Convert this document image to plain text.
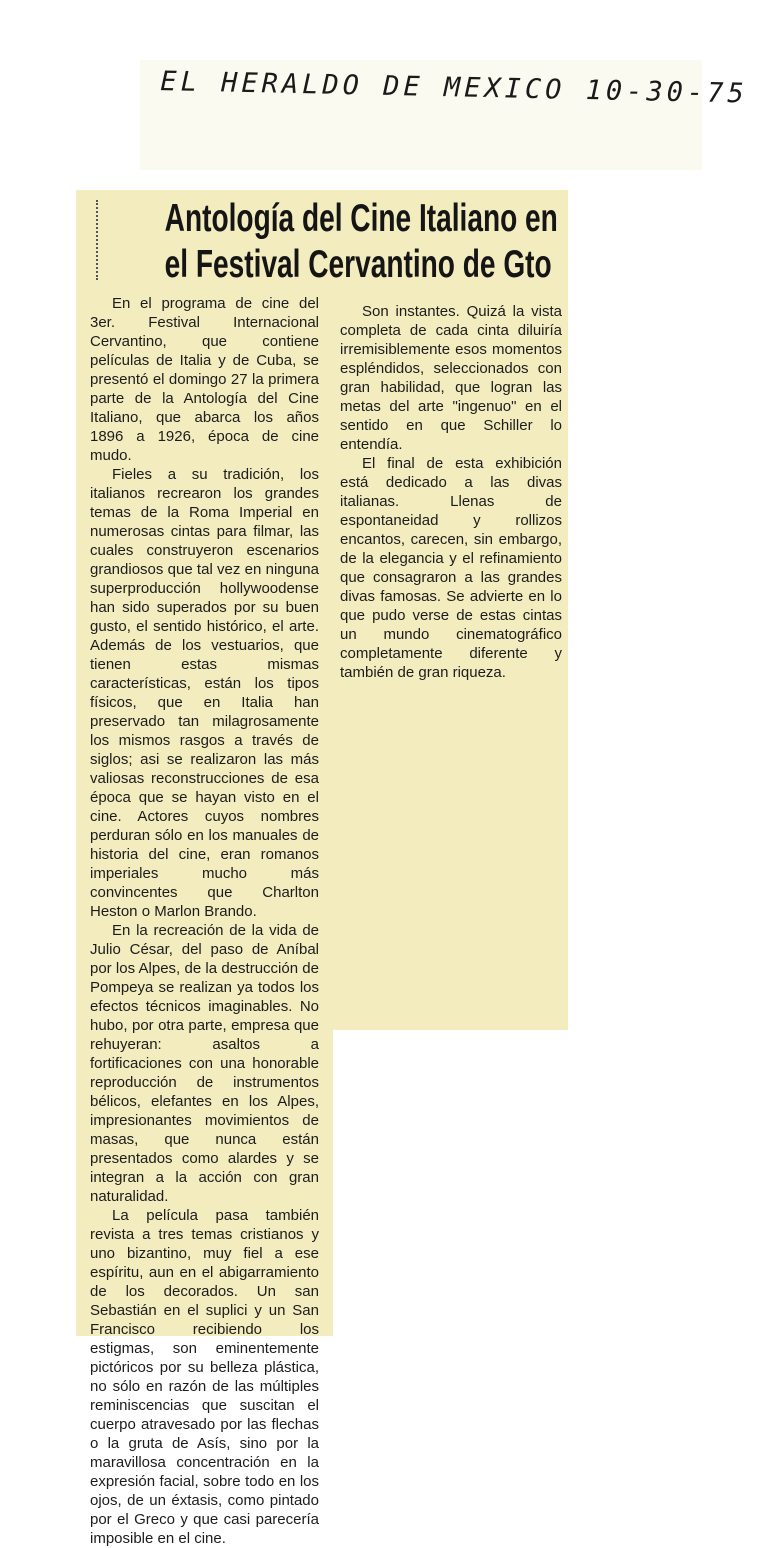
EL HERALDO DE MEXICO 10-30-75
Antología del Cine Italiano en
el Festival Cervantino de Gto

En el programa de cine del 3er. Festival Internacional Cervantino, que contiene películas de Italia y de Cuba, se presentó el domingo 27 la primera parte de la Antología del Cine Italiano, que abarca los años 1896 a 1926, época de cine mudo.

Fieles a su tradición, los italianos recrearon los grandes temas de la Roma Imperial en numerosas cintas para filmar, las cuales construyeron escenarios grandiosos que tal vez en ninguna superproducción hollywoodense han sido superados por su buen gusto, el sentido histórico, el arte. Además de los vestuarios, que tienen estas mismas características, están los tipos físicos, que en Italia han preservado tan milagrosamente los mismos rasgos a través de siglos; asi se realizaron las más valiosas reconstrucciones de esa época que se hayan visto en el cine. Actores cuyos nombres perduran sólo en los manuales de historia del cine, eran romanos imperiales mucho más convincentes que Charlton Heston o Marlon Brando.

En la recreación de la vida de Julio César, del paso de Aníbal por los Alpes, de la destrucción de Pompeya se realizan ya todos los efectos técnicos imaginables. No hubo, por otra parte, empresa que rehuyeran: asaltos a fortificaciones con una honorable reproducción de instrumentos bélicos, elefantes en los Alpes, impresionantes movimientos de masas, que nunca están presentados como alardes y se integran a la acción con gran naturalidad.

La película pasa también revista a tres temas cristianos y uno bizantino, muy fiel a ese espíritu, aun en el abigarramiento de los decorados. Un san Sebastián en el suplici y un San Francisco recibiendo los estigmas, son eminentemente pictóricos por su belleza plástica, no sólo en razón de las múltiples reminiscencias que suscitan el cuerpo atravesado por las flechas o la gruta de Asís, sino por la maravillosa concentración en la expresión facial, sobre todo en los ojos, de un éxtasis, como pintado por el Greco y que casi parecería imposible en el cine.

Son instantes. Quizá la vista completa de cada cinta diluiría irremisiblemente esos momentos espléndidos, seleccionados con gran habilidad, que logran las metas del arte "ingenuo" en el sentido en que Schiller lo entendía.

El final de esta exhibición está dedicado a las divas italianas. Llenas de espontaneidad y rollizos encantos, carecen, sin embargo, de la elegancia y el refinamiento que consagraron a las grandes divas famosas. Se advierte en lo que pudo verse de estas cintas un mundo cinematográfico completamente diferente y también de gran riqueza.
